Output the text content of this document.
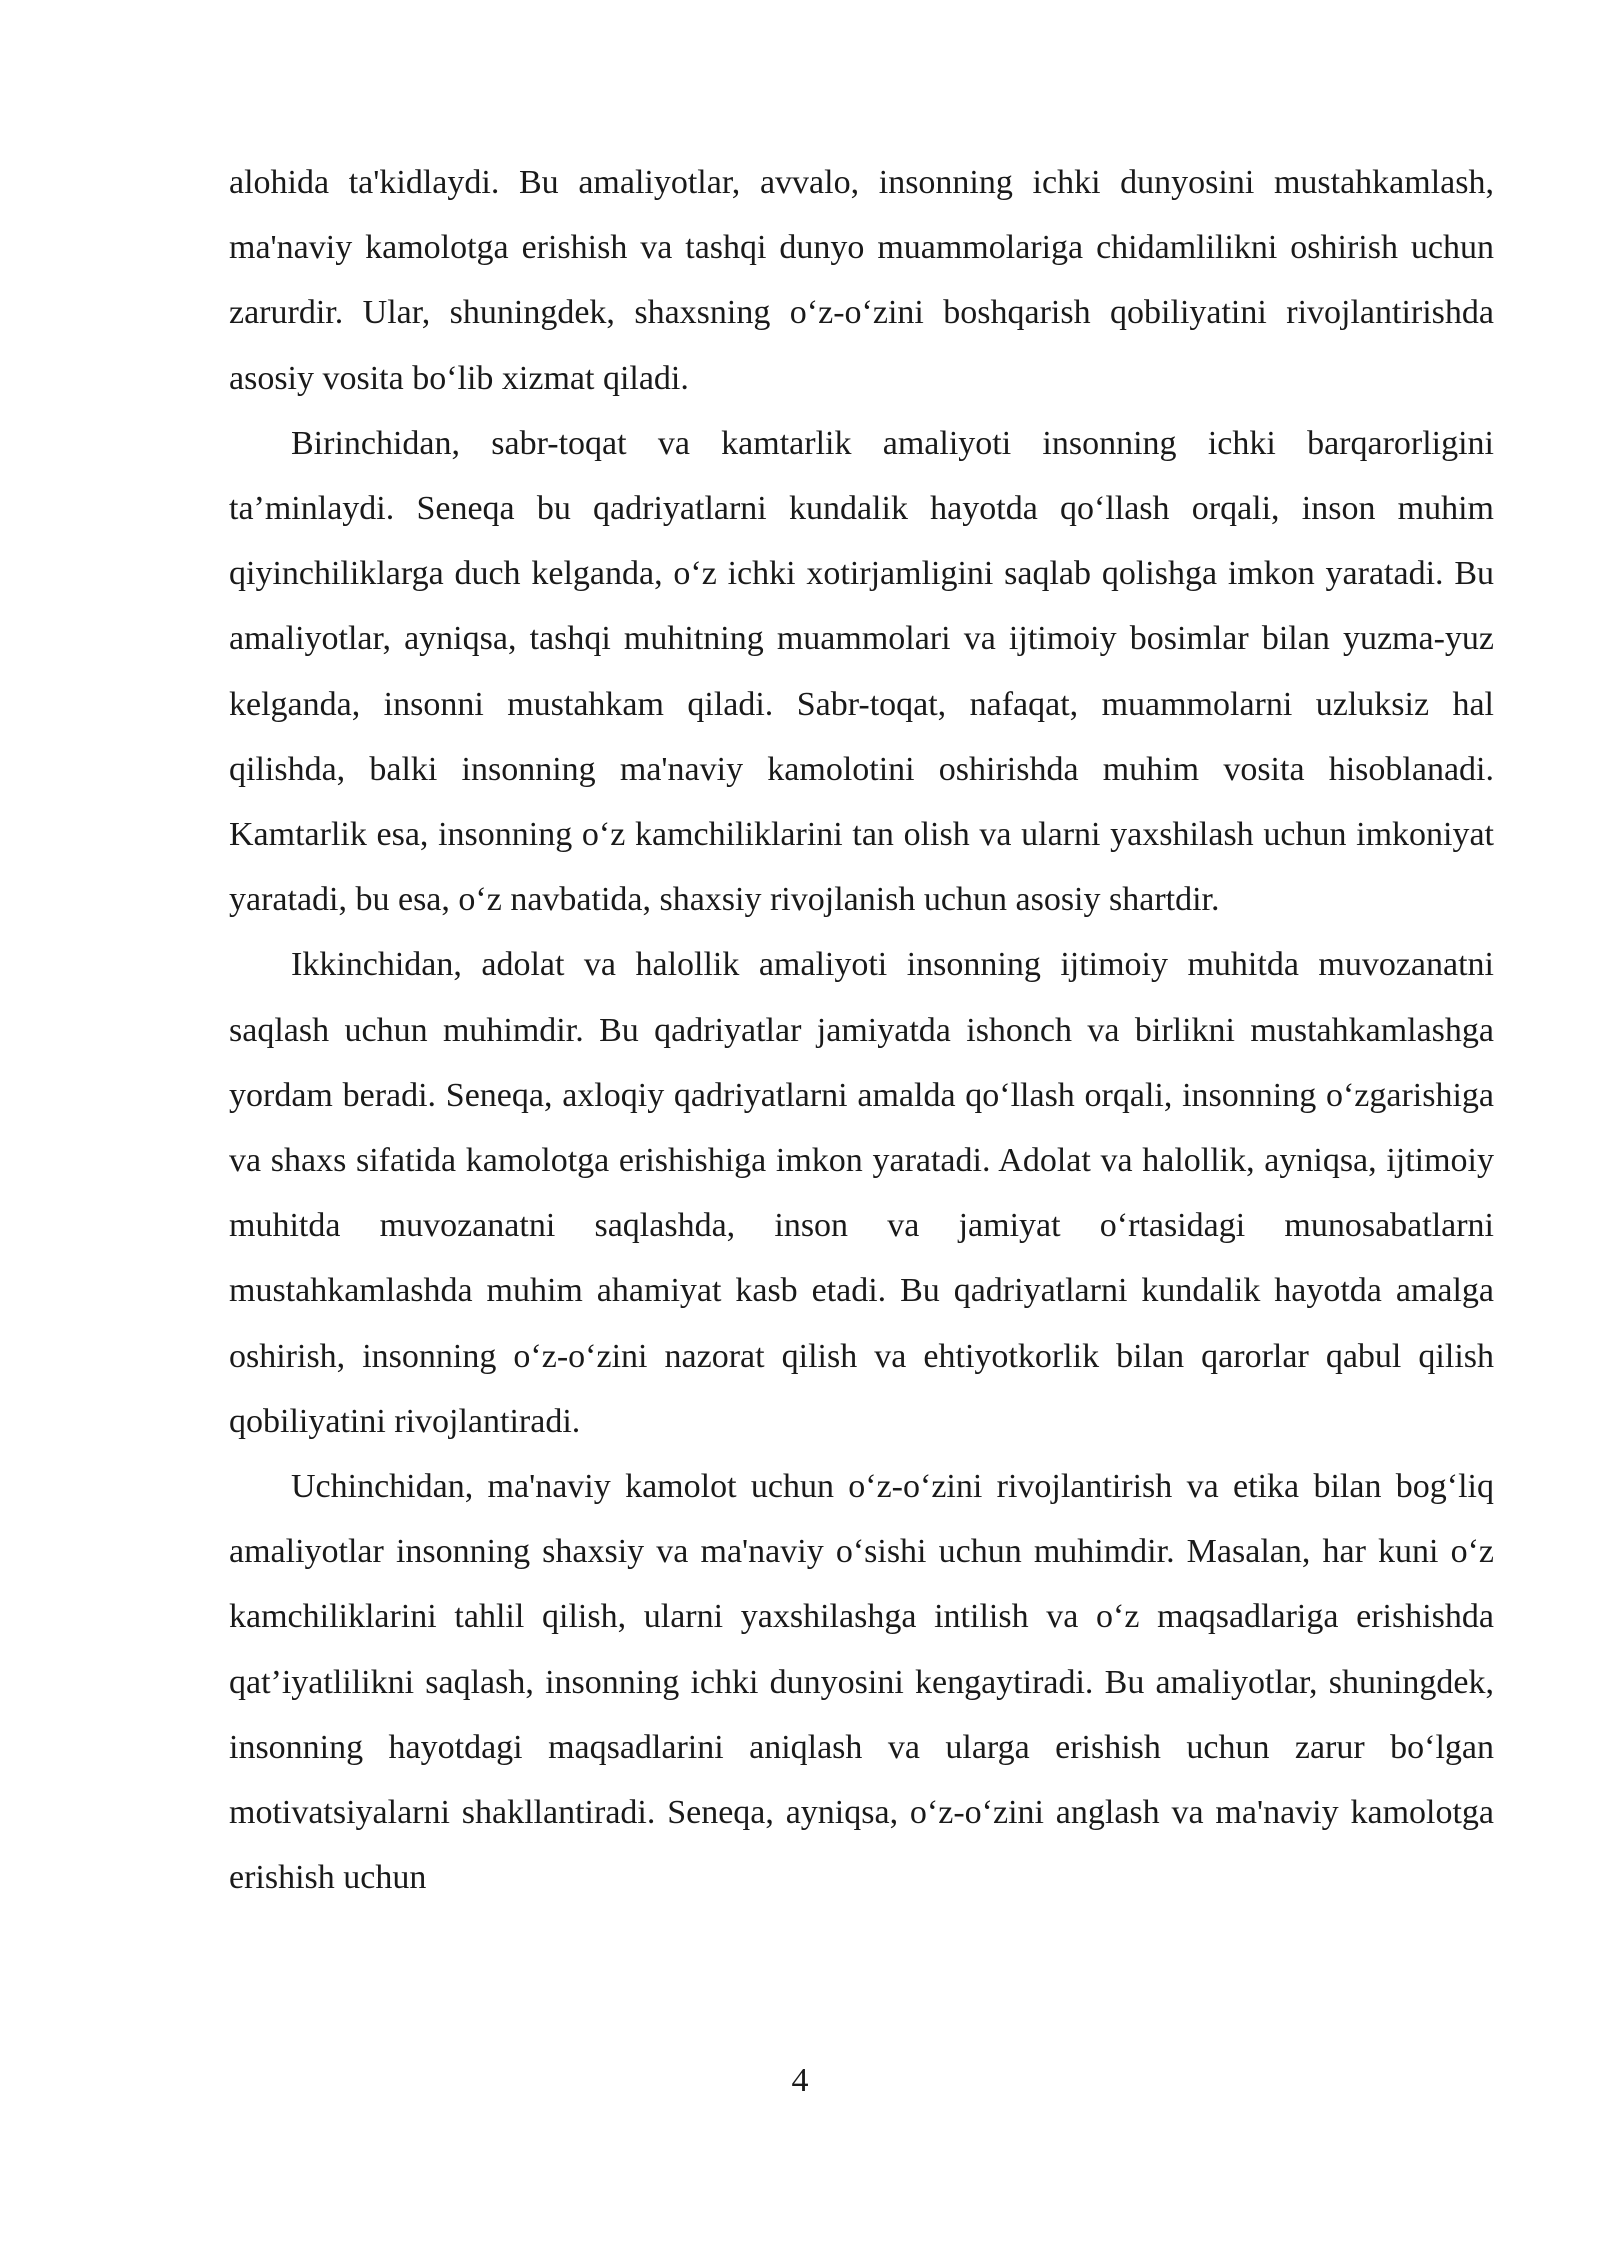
alohida ta'kidlaydi. Bu amaliyotlar, avvalo, insonning ichki dunyosini mustahkamlash, ma'naviy kamolotga erishish va tashqi dunyo muammolariga chidamlilikni oshirish uchun zarurdir. Ular, shuningdek, shaxsning o‘z-o‘zini boshqarish qobiliyatini rivojlantirishda asosiy vosita bo‘lib xizmat qiladi.

Birinchidan, sabr-toqat va kamtarlik amaliyoti insonning ichki barqarorligini ta’minlaydi. Seneqa bu qadriyatlarni kundalik hayotda qo‘llash orqali, inson muhim qiyinchiliklarga duch kelganda, o‘z ichki xotirjamligini saqlab qolishga imkon yaratadi. Bu amaliyotlar, ayniqsa, tashqi muhitning muammolari va ijtimoiy bosimlar bilan yuzma-yuz kelganda, insonni mustahkam qiladi. Sabr-toqat, nafaqat, muammolarni uzluksiz hal qilishda, balki insonning ma'naviy kamolotini oshirishda muhim vosita hisoblanadi. Kamtarlik esa, insonning o‘z kamchiliklarini tan olish va ularni yaxshilash uchun imkoniyat yaratadi, bu esa, o‘z navbatida, shaxsiy rivojlanish uchun asosiy shartdir.

Ikkinchidan, adolat va halollik amaliyoti insonning ijtimoiy muhitda muvozanatni saqlash uchun muhimdir. Bu qadriyatlar jamiyatda ishonch va birlikni mustahkamlashga yordam beradi. Seneqa, axloqiy qadriyatlarni amalda qo‘llash orqali, insonning o‘zgarishiga va shaxs sifatida kamolotga erishishiga imkon yaratadi. Adolat va halollik, ayniqsa, ijtimoiy muhitda muvozanatni saqlashda, inson va jamiyat o‘rtasidagi munosabatlarni mustahkamlashda muhim ahamiyat kasb etadi. Bu qadriyatlarni kundalik hayotda amalga oshirish, insonning o‘z-o‘zini nazorat qilish va ehtiyotkorlik bilan qarorlar qabul qilish qobiliyatini rivojlantiradi.

Uchinchidan, ma'naviy kamolot uchun o‘z-o‘zini rivojlantirish va etika bilan bog‘liq amaliyotlar insonning shaxsiy va ma'naviy o‘sishi uchun muhimdir. Masalan, har kuni o‘z kamchiliklarini tahlil qilish, ularni yaxshilashga intilish va o‘z maqsadlariga erishishda qat’iyatlilikni saqlash, insonning ichki dunyosini kengaytiradi. Bu amaliyotlar, shuningdek, insonning hayotdagi maqsadlarini aniqlash va ularga erishish uchun zarur bo‘lgan motivatsiyalarni shakllantiradi. Seneqa, ayniqsa, o‘z-o‘zini anglash va ma'naviy kamolotga erishish uchun

4
